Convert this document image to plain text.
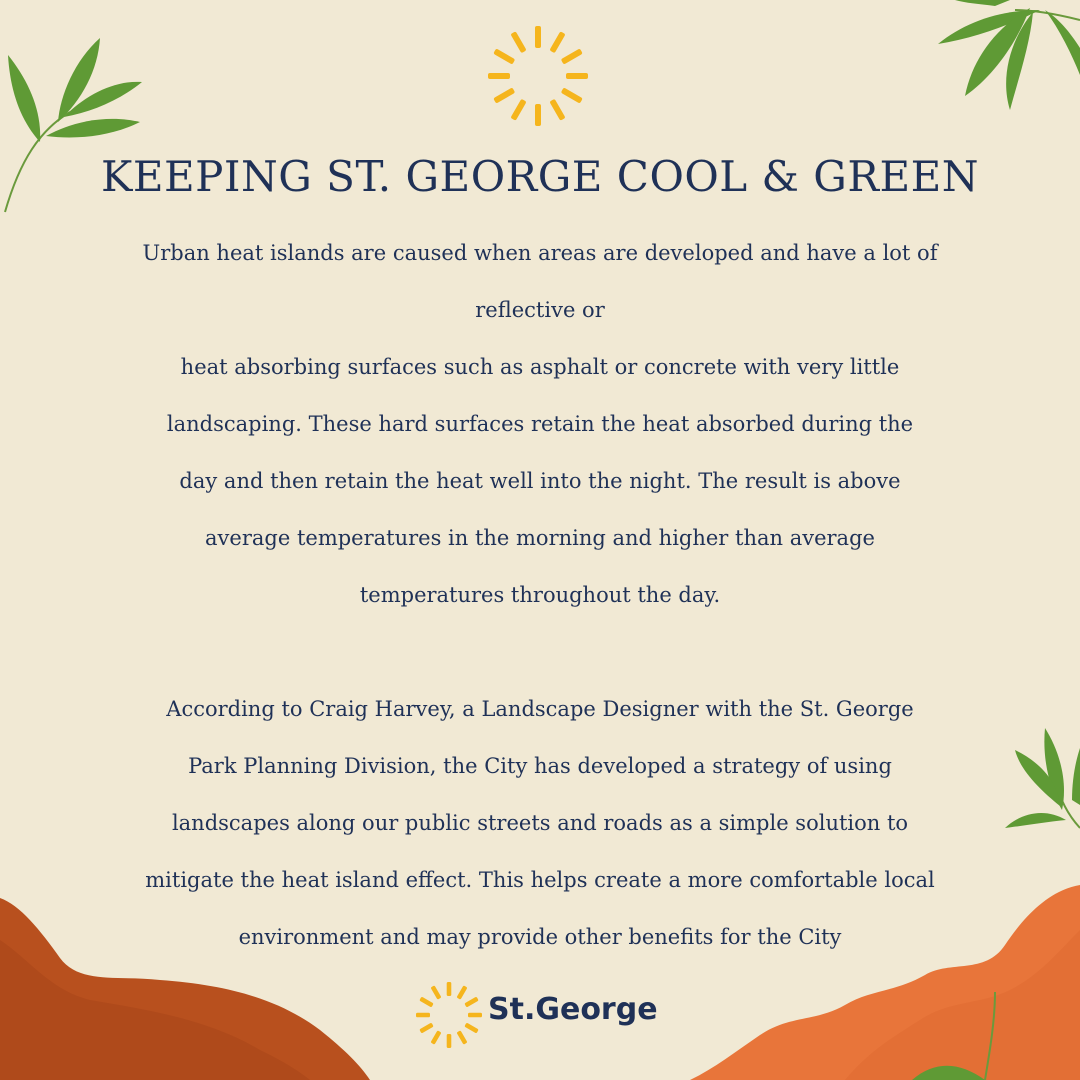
KEEPING ST. GEORGE COOL & GREEN
Urban heat islands are caused when areas are developed and have a lot of
reflective or
heat absorbing surfaces such as asphalt or concrete with very little
landscaping. These hard surfaces retain the heat absorbed during the
day and then retain the heat well into the night. The result is above
average temperatures in the morning and higher than average
temperatures throughout the day.
According to Craig Harvey, a Landscape Designer with the St. George
Park Planning Division, the City has developed a strategy of using
landscapes along our public streets and roads as a simple solution to
mitigate the heat island effect. This helps create a more comfortable local
environment and may provide other benefits for the City
St.George
